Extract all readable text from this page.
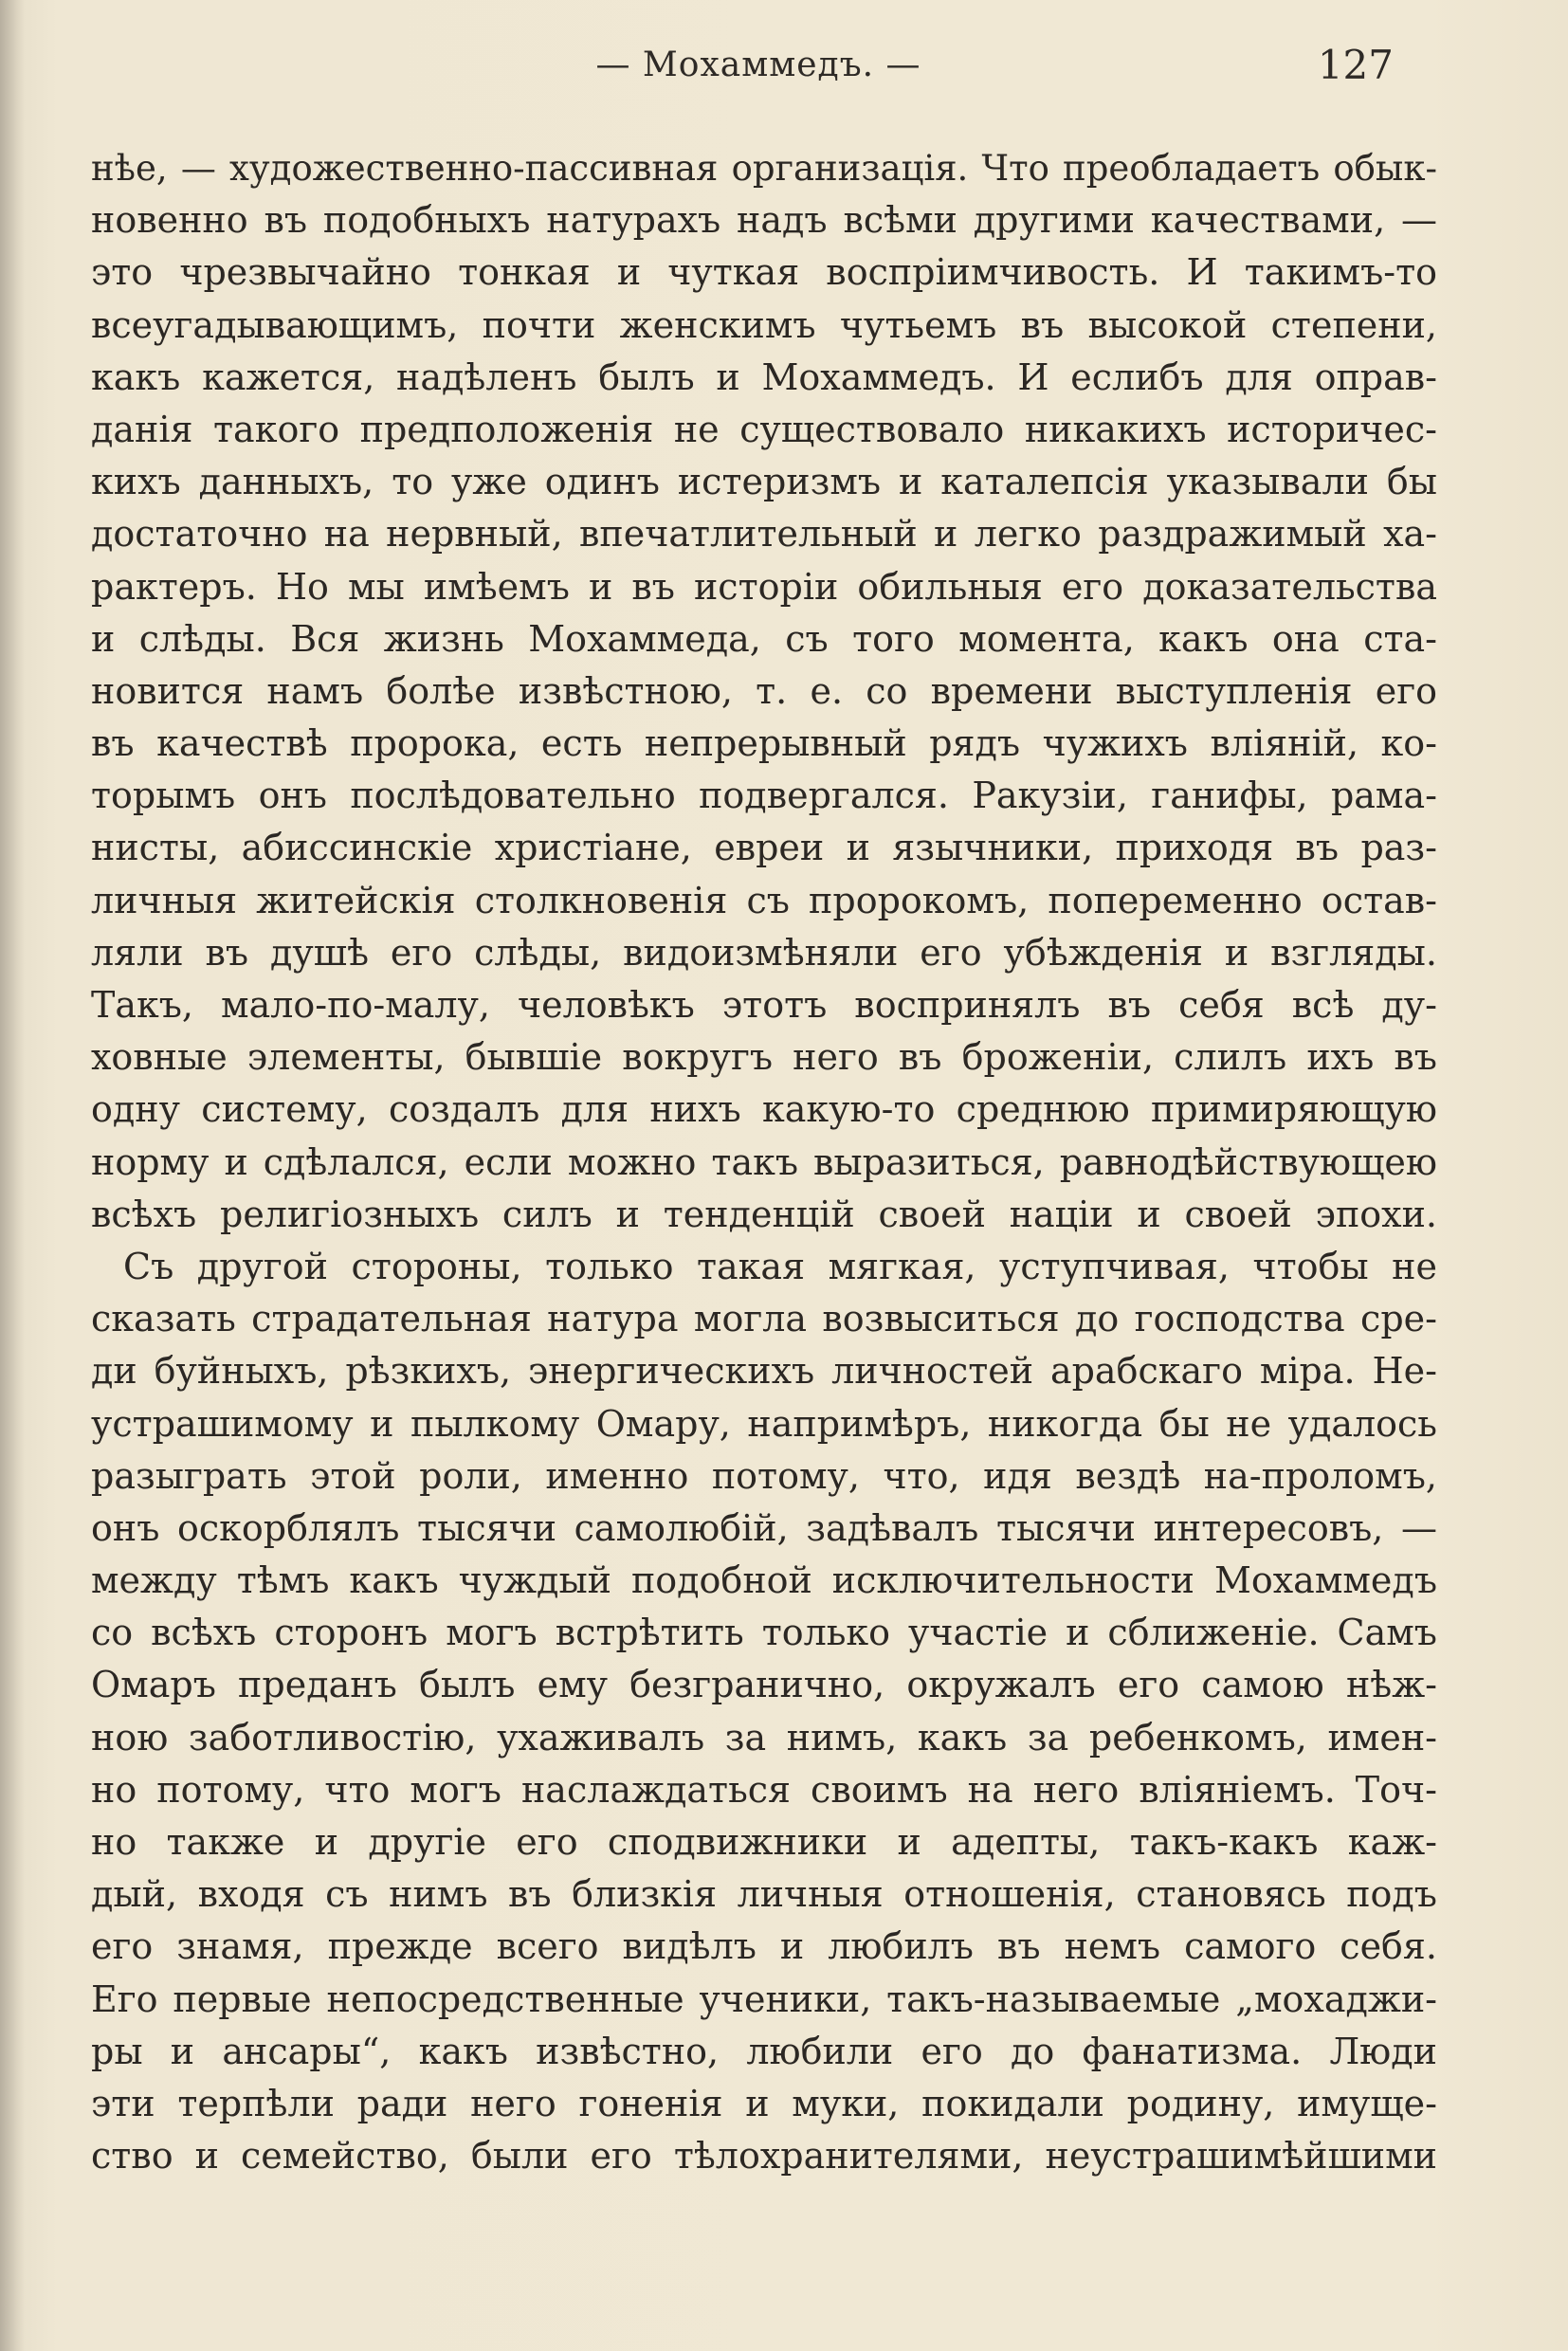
— Мохаммедъ. —	127
нѣе, — художественно-пассивная организація. Что преобладаетъ обык-
новенно въ подобныхъ натурахъ надъ всѣми другими качествами, —
это чрезвычайно тонкая и чуткая воспріимчивость. И такимъ-то
всеугадывающимъ, почти женскимъ чутьемъ въ высокой степени,
какъ кажется, надѣленъ былъ и Мохаммедъ. И еслибъ для оправ-
данія такого предположенія не существовало никакихъ историчес-
кихъ данныхъ, то уже одинъ истеризмъ и каталепсія указывали бы
достаточно на нервный, впечатлительный и легко раздражимый ха-
рактеръ. Но мы имѣемъ и въ исторіи обильныя его доказательства
и слѣды. Вся жизнь Мохаммеда, съ того момента, какъ она ста-
новится намъ болѣе извѣстною, т. е. со времени выступленія его
въ качествѣ пророка, есть непрерывный рядъ чужихъ вліяній, ко-
торымъ онъ послѣдовательно подвергался. Ракузіи, ганифы, рама-
нисты, абиссинскіе христіане, евреи и язычники, приходя въ раз-
личныя житейскія столкновенія съ пророкомъ, попеременно остав-
ляли въ душѣ его слѣды, видоизмѣняли его убѣжденія и взгляды.
Такъ, мало-по-малу, человѣкъ этотъ воспринялъ въ себя всѣ ду-
ховные элементы, бывшіе вокругъ него въ броженіи, слилъ ихъ въ
одну систему, создалъ для нихъ какую-то среднюю примиряющую
норму и сдѣлался, если можно такъ выразиться, равнодѣйствующею
всѣхъ религіозныхъ силъ и тенденцій своей націи и своей эпохи.
Съ другой стороны, только такая мягкая, уступчивая, чтобы не
сказать страдательная натура могла возвыситься до господства сре-
ди буйныхъ, рѣзкихъ, энергическихъ личностей арабскаго міра. Не-
устрашимому и пылкому Омару, напримѣръ, никогда бы не удалось
разыграть этой роли, именно потому, что, идя вездѣ на-проломъ,
онъ оскорблялъ тысячи самолюбій, задѣвалъ тысячи интересовъ, —
между тѣмъ какъ чуждый подобной исключительности Мохаммедъ
со всѣхъ сторонъ могъ встрѣтить только участіе и сближеніе. Самъ
Омаръ преданъ былъ ему безгранично, окружалъ его самою нѣж-
ною заботливостію, ухаживалъ за нимъ, какъ за ребенкомъ, имен-
но потому, что могъ наслаждаться своимъ на него вліяніемъ. Точ-
но также и другіе его сподвижники и адепты, такъ-какъ каж-
дый, входя съ нимъ въ близкія личныя отношенія, становясь подъ
его знамя, прежде всего видѣлъ и любилъ въ немъ самого себя.
Его первые непосредственные ученики, такъ-называемые „мохаджи-
ры и ансары“, какъ извѣстно, любили его до фанатизма. Люди
эти терпѣли ради него гоненія и муки, покидали родину, имуще-
ство и семейство, были его тѣлохранителями, неустрашимѣйшими
